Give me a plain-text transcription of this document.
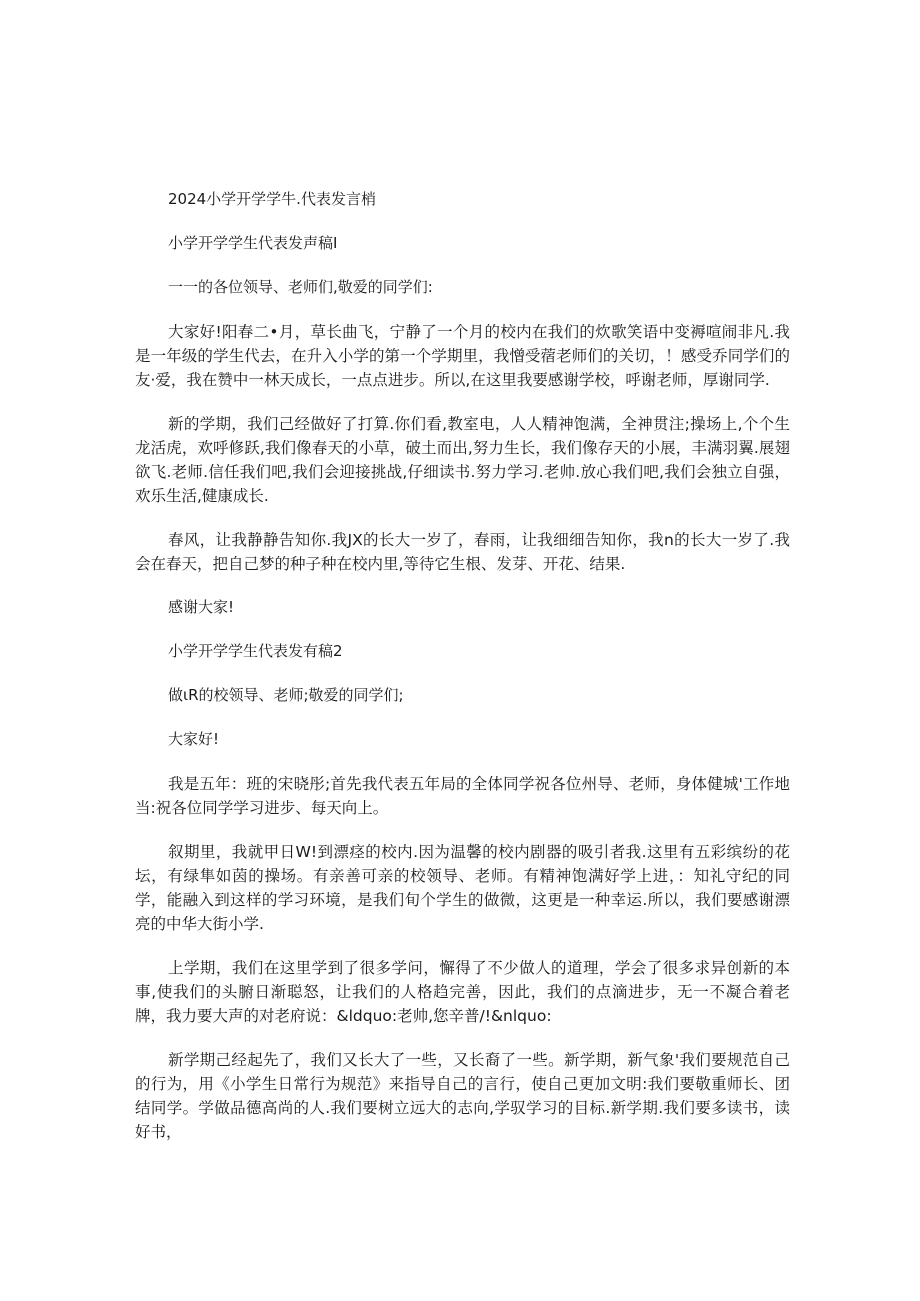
2024小学开学学牛.代表发言梢

小学开学学生代表发声稿I

一一的各位领导、老师们,敬爱的同学们:

大家好!阳春二•月，草长曲飞，宁静了一个月的校内在我们的炊歌笑语中变褥喧闹非凡.我是一年级的学生代去，在升入小学的第一个学期里，我憎受蓿老师们的关切，！感受乔同学们的友·爱，我在赞中一林天成长，一点点进步。所以,在这里我要感谢学校，呼谢老师，厚谢同学.

新的学期，我们己经做好了打算.你们看,教室电，人人精神饱满，全神贯注;操场上,个个生龙活虎，欢呼修跃,我们像春天的小草，破土而出,努力生长，我们像存天的小展，丰满羽翼.展翅欲飞.老师.信任我们吧,我们会迎接挑战,仔细读书.努力学习.老帅.放心我们吧,我们会独立自强，欢乐生活,健康成长.

春风，让我静静告知你.我JX的长大一岁了，春雨，让我细细告知你，我n的长大一岁了.我会在春天，把自己梦的种子种在校内里,等待它生根、发芽、开花、结果.

感谢大家!

小学开学学生代表发有稿2

做ιR的校领导、老师;敬爱的同学们;

大家好!

我是五年：班的宋晓彤;首先我代表五年局的全体同学祝各位州导、老师，身体健城'工作地当:祝各位同学学习进步、每天向上。

叙期里，我就甲日W!到漂痉的校内.因为温馨的校内剧器的吸引者我.这里有五彩缤纷的花坛，有绿隼如茵的操场。有亲善可亲的校领导、老师。有精神饱满好学上进，：知礼守纪的同学，能融入到这样的学习环境，是我们旬个学生的做微，这更是一种幸运.所以，我们要感谢漂亮的中华大街小学.

上学期，我们在这里学到了很多学问，懈得了不少做人的道理，学会了很多求异创新的本事,使我们的头腑日渐聪怒，让我们的人格趋完善，因此，我们的点滴进步，无一不凝合着老牌，我力要大声的对老府说：&ldquo:老帅,您辛普/!&nlquo:

新学期己经起先了，我们又长大了一些，又长裔了一些。新学期，新气象'我们要规范自己的行为，用《小学生日常行为规范》来指导自己的言行，使自己更加文明:我们要敬重师长、团结同学。学做品德高尚的人.我们要树立远大的志向,学驭学习的目标.新学期.我们要多读书，读好书，
